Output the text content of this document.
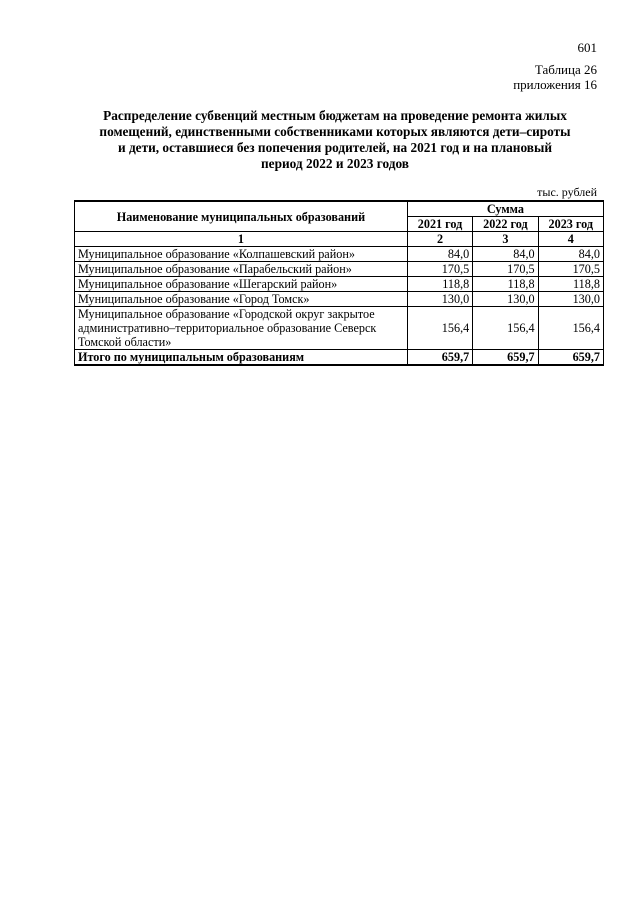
601
Таблица 26
приложения 16
Распределение субвенций местным бюджетам на проведение ремонта жилых
помещений, единственными собственниками которых являются дети–сироты
и дети, оставшиеся без попечения родителей, на 2021 год и на плановый
период 2022 и 2023 годов
тыс. рублей
Наименование муниципальных образований	Сумма		
	2021 год	2022 год	2023 год
1	2	3	4
Муниципальное образование «Колпашевский район»	84,0	84,0	84,0
Муниципальное образование «Парабельский район»	170,5	170,5	170,5
Муниципальное образование «Шегарский район»	118,8	118,8	118,8
Муниципальное образование «Город Томск»	130,0	130,0	130,0
Муниципальное образование «Городской округ закрытое административно–территориальное образование Северск Томской области»	156,4	156,4	156,4
Итого по муниципальным образованиям	659,7	659,7	659,7
